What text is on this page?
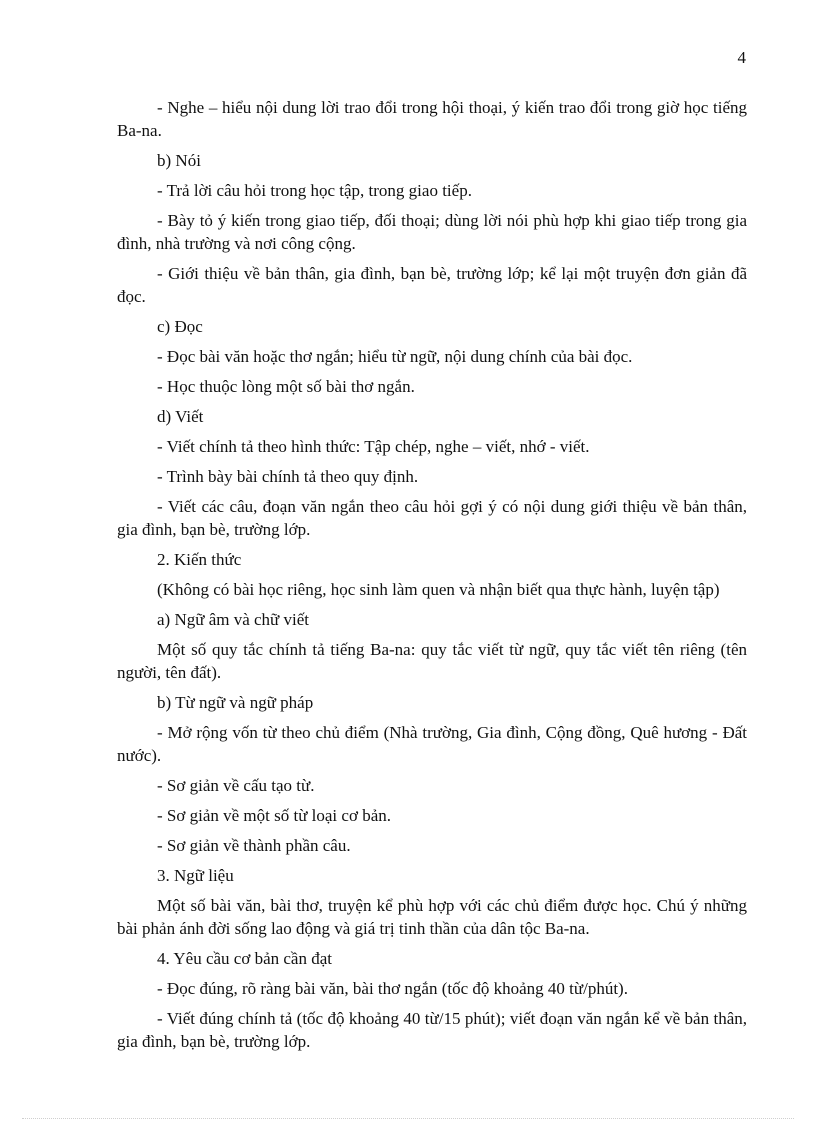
4

- Nghe – hiểu nội dung lời trao đổi trong hội thoại, ý kiến trao đổi trong giờ học tiếng Ba-na.

b) Nói

- Trả lời câu hỏi trong học tập, trong giao tiếp.

- Bày tỏ ý kiến trong giao tiếp, đối thoại; dùng lời nói phù hợp khi giao tiếp trong gia đình, nhà trường và nơi công cộng.

- Giới thiệu về bản thân, gia đình, bạn bè, trường lớp; kể lại một truyện đơn giản đã đọc.

c) Đọc

- Đọc bài văn hoặc thơ ngắn; hiểu từ ngữ, nội dung chính của bài đọc.

- Học thuộc lòng một số bài thơ ngắn.

d) Viết

- Viết chính tả theo hình thức: Tập chép, nghe – viết, nhớ - viết.

- Trình bày bài chính tả theo quy định.

- Viết các câu, đoạn văn ngắn theo câu hỏi gợi ý có nội dung giới thiệu về bản thân, gia đình, bạn bè, trường lớp.

2. Kiến thức

(Không có bài học riêng, học sinh làm quen và nhận biết qua thực hành, luyện tập)

a) Ngữ âm và chữ viết

Một số quy tắc chính tả tiếng Ba-na: quy tắc viết từ ngữ, quy tắc viết tên riêng (tên người, tên đất).

b) Từ ngữ và ngữ pháp

- Mở rộng vốn từ theo chủ điểm (Nhà trường, Gia đình, Cộng đồng, Quê hương - Đất nước).

- Sơ giản về cấu tạo từ.

- Sơ giản về một số từ loại cơ bản.

- Sơ giản về thành phần câu.

3. Ngữ liệu

Một số bài văn, bài thơ, truyện kể phù hợp với các chủ điểm được học. Chú ý những bài phản ánh đời sống lao động và giá trị tinh thần của dân tộc Ba-na.

4. Yêu cầu cơ bản cần đạt

- Đọc đúng, rõ ràng bài văn, bài thơ ngắn (tốc độ khoảng 40 từ/phút).

- Viết đúng chính tả (tốc độ khoảng 40 từ/15 phút); viết đoạn văn ngắn kể về bản thân, gia đình, bạn bè, trường lớp.
